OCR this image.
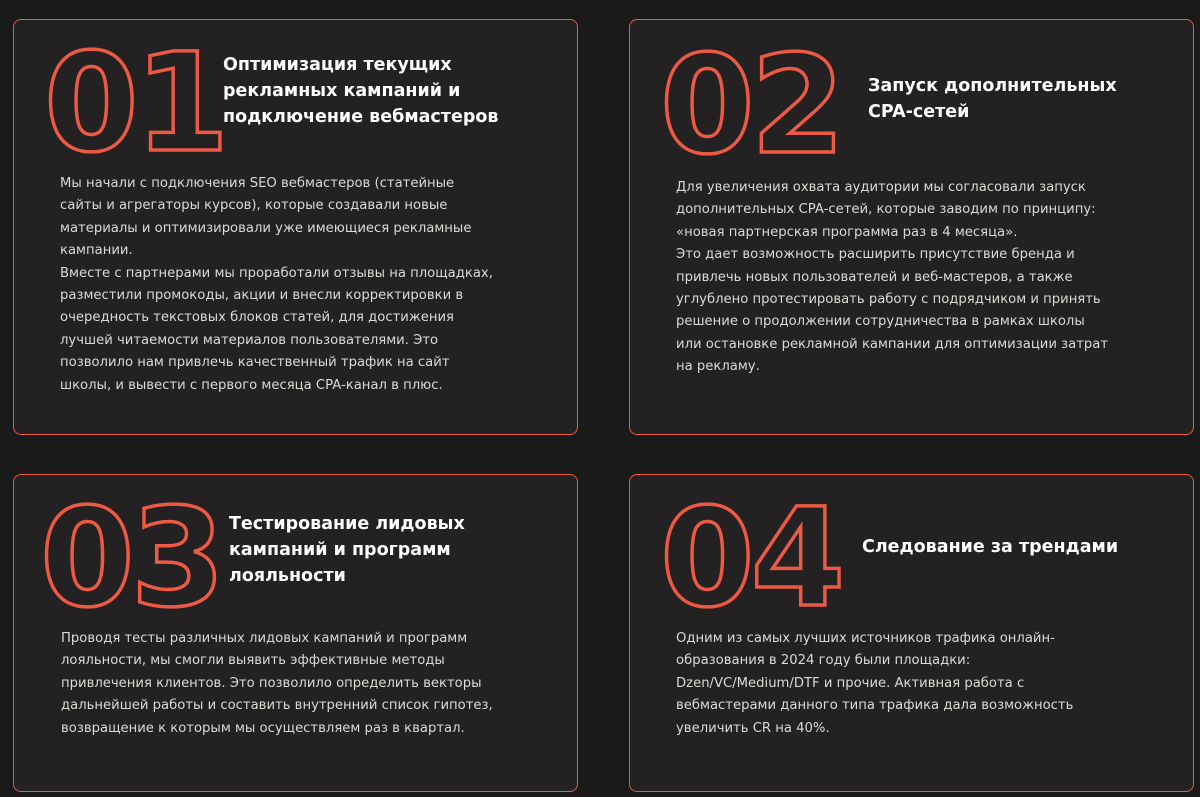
01
Оптимизация текущих
рекламных кампаний и
подключение вебмастеров
Мы начали с подключения SEO вебмастеров (статейные
сайты и агрегаторы курсов), которые создавали новые
материалы и оптимизировали уже имеющиеся рекламные
кампании.
Вместе с партнерами мы проработали отзывы на площадках,
разместили промокоды, акции и внесли корректировки в
очередность текстовых блоков статей, для достижения
лучшей читаемости материалов пользователями. Это
позволило нам привлечь качественный трафик на сайт
школы, и вывести с первого месяца CPA-канал в плюс.
02 Запуск дополнительных
CPA-сетей
Для увеличения охвата аудитории мы согласовали запуск
дополнительных CPA-сетей, которые заводим по принципу:
«новая партнерская программа раз в 4 месяца».
Это дает возможность расширить присутствие бренда и
привлечь новых пользователей и веб-мастеров, а также
углублено протестировать работу с подрядчиком и принять
решение о продолжении сотрудничества в рамках школы
или остановке рекламной кампании для оптимизации затрат
на рекламу.
03 Тестирование лидовых
кампаний и программ
лояльности
Проводя тесты различных лидовых кампаний и программ
лояльности, мы смогли выявить эффективные методы
привлечения клиентов. Это позволило определить векторы
дальнейшей работы и составить внутренний список гипотез,
возвращение к которым мы осуществляем раз в квартал.
04 Следование за трендами
Одним из самых лучших источников трафика онлайн-
образования в 2024 году были площадки:
Dzen/VC/Medium/DTF и прочие. Активная работа с
вебмастерами данного типа трафика дала возможность
увеличить CR на 40%.
